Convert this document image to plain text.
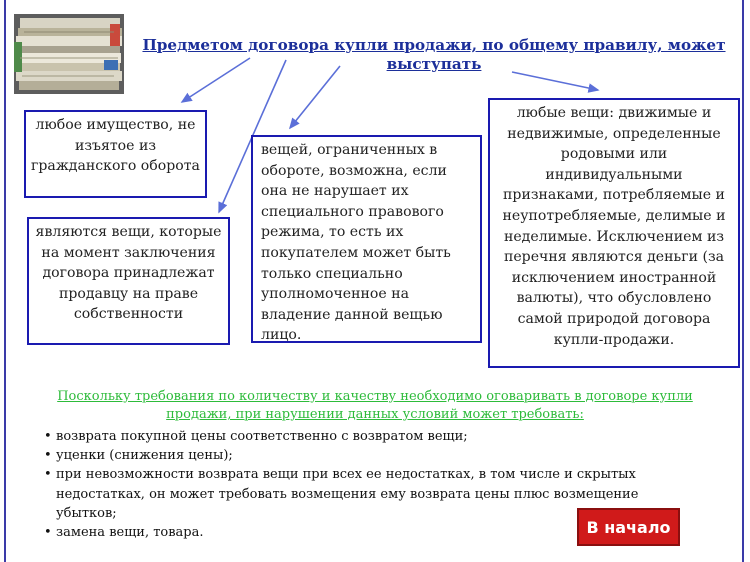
Предметом договора купли продажи, по общему правилу, может выступать
любое имущество, не изъятое из гражданского оборота
являются вещи, которые на момент заключения договора принадлежат продавцу на праве собственности
вещей, ограниченных в обороте, возможна, если она не нарушает их специального правового режима, то есть их покупателем может быть только специально уполномоченное на владение данной вещью лицо.
любые вещи: движимые и недвижимые, определенные родовыми или индивидуальными признаками, потребляемые и неупотребляемые, делимые и неделимые. Исключением из перечня являются деньги (за исключением иностранной валюты), что обусловлено самой природой договора купли-продажи.
Поскольку требования по количеству и качеству необходимо оговаривать в договоре купли продажи, при нарушении данных условий может требовать:
• возврата покупной цены соответственно с возвратом вещи;
• уценки (снижения цены);
• при невозможности возврата вещи при всех ее недостатках, в том числе и скрытых недостатках, он может требовать возмещения ему возврата цены плюс возмещение убытков;
• замена вещи, товара.	В начало
